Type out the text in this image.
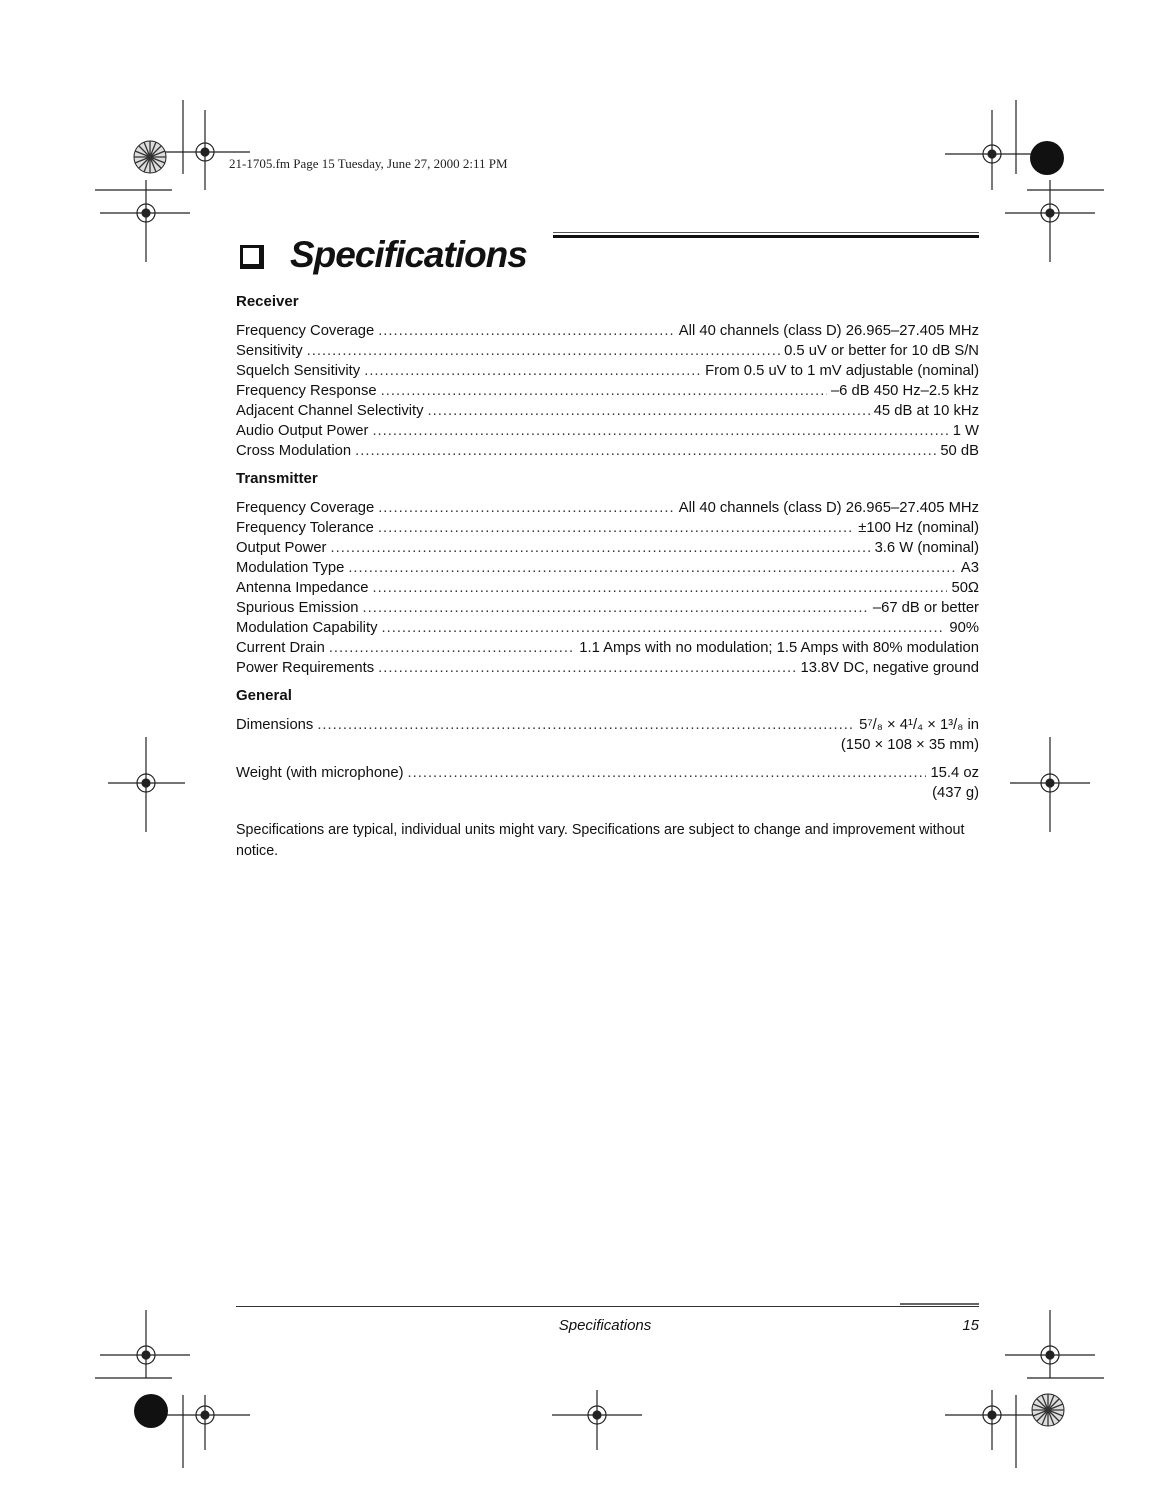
21-1705.fm Page 15 Tuesday, June 27, 2000 2:11 PM
Specifications
Receiver
Frequency Coverage .....	All 40 channels (class D) 26.965–27.405 MHz
Sensitivity .....	0.5 uV or better for 10 dB S/N
Squelch Sensitivity .....	From 0.5 uV to 1 mV adjustable (nominal)
Frequency Response .....	–6 dB 450 Hz–2.5 kHz
Adjacent Channel Selectivity .....	45 dB at 10 kHz
Audio Output Power .....	1 W
Cross Modulation .....	50 dB
Transmitter
Frequency Coverage .....	All 40 channels (class D) 26.965–27.405 MHz
Frequency Tolerance .....	±100 Hz (nominal)
Output Power .....	3.6 W (nominal)
Modulation Type .....	A3
Antenna Impedance .....	50Ω
Spurious Emission .....	–67 dB or better
Modulation Capability .....	90%
Current Drain .....	1.1 Amps with no modulation; 1.5 Amps with 80% modulation
Power Requirements .....	13.8V DC, negative ground
General
Dimensions .....	5⁷/₈ × 4¹/₄ × 1³/₈ in
(150 × 108 × 35 mm)
Weight (with microphone) .....	15.4 oz
(437 g)

Specifications are typical, individual units might vary. Specifications are subject to change and improvement without notice.

Specifications	15
